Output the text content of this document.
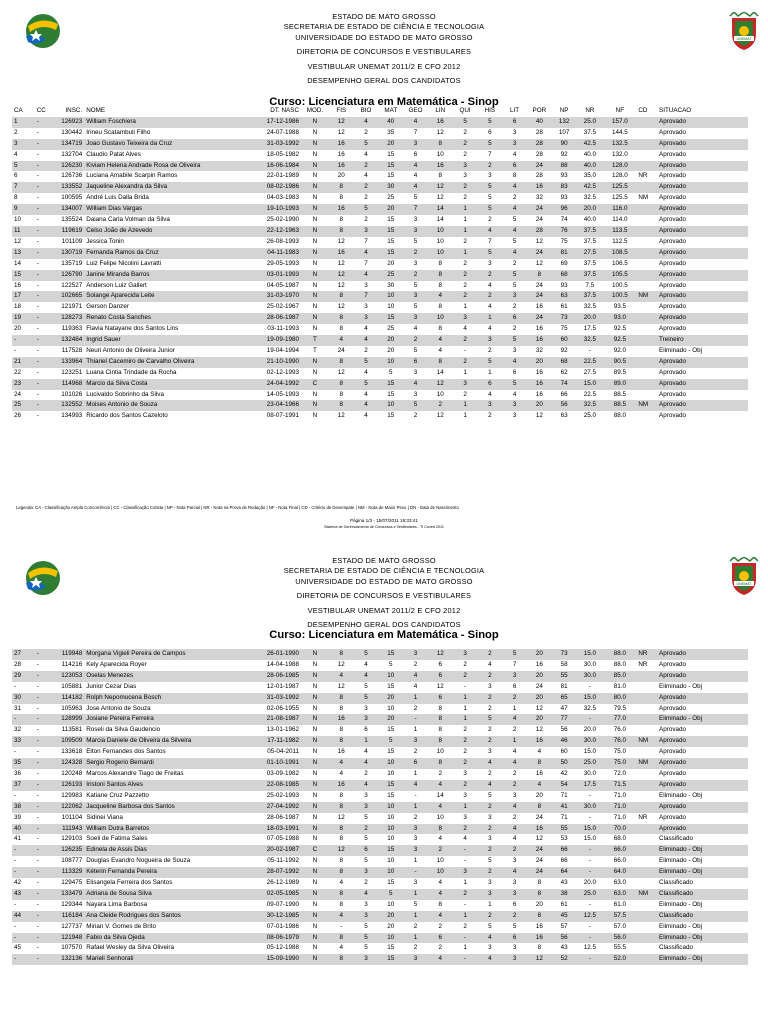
UNEMAT
ESTADO DE MATO GROSSO
SECRETARIA DE ESTADO DE CIÊNCIA E TECNOLOGIA
UNIVERSIDADE DO ESTADO DE MATO GROSSO
DIRETORIA DE CONCURSOS E VESTIBULARES
VESTIBULAR UNEMAT 2011/2 E CFO 2012
DESEMPENHO GERAL DOS CANDIDATOS
Curso: Licenciatura em Matemática - Sinop
CA	CC	INSC.	NOME	DT. NASC	MOD.	FIS	BIO	MAT	GEO	LIN	QUI	HIS	LIT	POR	NP	NR	NF	CD	SITUACAO
1	-	126923	William Foschiera	17-12-1986	N	12	4	40	4	16	5	5	6	40	132	25.0	157.0		Aprovado
2	-	130442	Irineu Scatambuli Filho	24-07-1988	N	12	2	35	7	12	2	6	3	28	107	37.5	144.5		Aprovado
3	-	134719	Joao Gustavo Teixeira da Cruz	31-03-1992	N	16	5	20	3	8	2	5	3	28	90	42.5	132.5		Aprovado
4	-	132704	Claudio Patat Alves	18-05-1982	N	16	4	15	6	10	2	7	4	28	92	40.0	132.0		Aprovado
5	-	126230	Kiviam Helena Andrade Rosa de Oliveira	16-06-1984	N	16	2	15	4	16	3	2	6	24	88	40.0	128.0		Aprovado
6	-	126736	Luciana Amabile Scarpin Ramos	22-01-1989	N	20	4	15	4	8	3	3	8	28	93	35.0	128.0	NR	Aprovado
7	-	133552	Jaqueline Alexandra da Silva	08-02-1986	N	8	2	30	4	12	2	5	4	16	83	42.5	125.5		Aprovado
8	-	100595	André Luis Dalla Brida	04-03-1983	N	8	2	25	5	12	2	5	2	32	93	32.5	125.5	NM	Aprovado
9	-	134007	William Dias Vargas	19-10-1993	N	16	5	20	7	14	1	5	4	24	96	20.0	116.0		Aprovado
10	-	135524	Daiana Carla Volman da Silva	25-02-1990	N	8	2	15	3	14	1	2	5	24	74	40.0	114.0		Aprovado
11	-	119619	Celso João de Azevedo	22-12-1963	N	8	3	15	3	10	1	4	4	28	76	37.5	113.5		Aprovado
12	-	101109	Jessica Tonin	26-08-1993	N	12	7	15	5	10	2	7	5	12	75	37.5	112.5		Aprovado
13	-	130719	Fernanda Ramos da Cruz	04-11-1983	N	16	4	15	2	10	1	5	4	24	81	27.5	108.5		Aprovado
14	-	135719	Luiz Felipe Nicolini Lavratti	29-05-1993	N	12	7	20	3	8	2	3	2	12	69	37.5	106.5		Aprovado
15	-	126790	Janine Miranda Barros	03-01-1993	N	12	4	25	2	8	2	2	5	8	68	37.5	105.5		Aprovado
16	-	122527	Anderson Luiz Gallert	04-05-1987	N	12	3	30	5	8	2	4	5	24	93	7.5	100.5		Aprovado
17	-	102665	Solange Aparecida Leite	31-03-1970	N	8	7	10	3	4	2	2	3	24	63	37.5	100.5	NM	Aprovado
18	-	121971	Gerson Danzer	25-02-1967	N	12	3	10	5	8	1	4	2	16	61	32.5	93.5		Aprovado
19	-	128273	Renato Costa Sanches	28-06-1987	N	8	3	15	3	10	3	1	6	24	73	20.0	93.0		Aprovado
20	-	119363	Flavia Natayane dos Santos Lins	03-11-1993	N	8	4	25	4	8	4	4	2	16	75	17.5	92.5		Aprovado
-	-	132484	Ingrid Sauer	19-09-1980	T	4	4	20	2	4	2	3	5	16	60	32.5	92.5		Treineiro
-	-	117528	Neuri Antonio de Oliveira Junior	19-04-1994	T	24	2	20	5	4	-	2	3	32	92	-	92.0		Eliminado - Obj
21	-	133964	Thiariel Cacemiro de Carvalho Oliveira	21-10-1990	N	8	5	10	6	8	2	5	4	20	68	22.5	90.5		Aprovado
22	-	123251	Luana Cintia Trindade da Rocha	02-12-1993	N	12	4	5	3	14	1	1	6	16	62	27.5	89.5		Aprovado
23	-	114968	Marcio da Silva Costa	24-04-1992	C	8	5	15	4	12	3	6	5	16	74	15.0	89.0		Aprovado
24	-	101026	Lucivaldo Sobrinho da Silva	14-05-1993	N	8	4	15	3	10	2	4	4	16	66	22.5	88.5		Aprovado
25	-	132552	Moises Antonio de Souza	23-04-1966	N	8	4	10	5	2	1	3	3	20	56	32.5	88.5	NM	Aprovado
26	-	134993	Ricardo dos Santos Cazeloto	08-07-1991	N	12	4	15	2	12	1	2	3	12	63	25.0	88.0		Aprovado
Legenda: CA - Classificação Ampla Concorrência | CC - Classificação Cotista | NP - Nota Parcial | NR - Nota na Prova de Redação | NF - Nota Final | CD - Critério de Desempate | NM - Nota de Maior Peso | DN - Data de Nascimento
Página 1/3 - 15/07/2011 19:33:41
Sistema de Gerenciamento de Concursos e Vestibulares - TI Coved 2011
UNEMAT
ESTADO DE MATO GROSSO
SECRETARIA DE ESTADO DE CIÊNCIA E TECNOLOGIA
UNIVERSIDADE DO ESTADO DE MATO GROSSO
DIRETORIA DE CONCURSOS E VESTIBULARES
VESTIBULAR UNEMAT 2011/2 E CFO 2012
DESEMPENHO GERAL DOS CANDIDATOS
Curso: Licenciatura em Matemática - Sinop
27	-	119948	Morgana Vigieli Pereira de Campos	26-01-1990	N	8	5	15	3	12	3	2	5	20	73	15.0	88.0	NR	Aprovado
28	-	114216	Kely Aparecida Royer	14-04-1988	N	12	4	5	2	6	2	4	7	16	58	30.0	88.0	NR	Aprovado
29	-	123053	Oselas Menezes	28-06-1985	N	4	4	10	4	6	2	2	3	20	55	30.0	85.0		Aprovado
-	-	105881	Junior Cezar Dias	12-01-1987	N	12	5	15	4	12	-	3	6	24	81	-	81.0		Eliminado - Obj
30	-	114182	Rolph Nepomucena Bosch	31-03-1992	N	8	5	20	1	6	1	2	2	20	65	15.0	80.0		Aprovado
31	-	105963	Jose Antonio de Souza	02-06-1955	N	8	3	10	2	8	1	2	1	12	47	32.5	79.5		Aprovado
-	-	128999	Josiane Pereira Ferreira	21-08-1987	N	16	3	20	-	8	1	5	4	20	77	-	77.0		Eliminado - Obj
32	-	113581	Roseli da Silva Gaudencio	13-01-1962	N	8	6	15	1	8	2	2	2	12	56	20.0	76.0		Aprovado
33	-	109509	Marcia Daniele de Oliveira da Silveira	17-11-1982	N	8	1	5	3	8	2	2	1	16	46	30.0	76.0	NM	Aprovado
-	-	133618	Elton Fernandes dos Santos	05-04-2011	N	16	4	15	2	10	2	3	4	4	60	15.0	75.0		Aprovado
35	-	124328	Sergio Rogerio Bernardi	01-10-1991	N	4	4	10	6	8	2	4	4	8	50	25.0	75.0	NM	Aprovado
36	-	120248	Marcos Alexandre Tiago de Freitas	03-09-1982	N	4	2	10	1	2	3	2	2	16	42	30.0	72.0		Aprovado
37	-	126193	Iristoni Santos Alves	22-08-1985	N	16	4	15	4	4	2	4	2	4	54	17.5	71.5		Aprovado
-	-	129983	Katiane Cruz Pazzetto	25-02-1993	N	8	3	15	-	14	3	5	3	20	71	-	71.0		Eliminado - Obj
38	-	122062	Jacqueline Barbosa dos Santos	27-04-1992	N	8	3	10	1	4	1	2	4	8	41	30.0	71.0		Aprovado
39	-	101104	Sidinei Viana	28-06-1987	N	12	5	10	2	10	3	3	2	24	71	-	71.0	NR	Aprovado
40	-	111943	William Dutra Barretos	18-03-1991	N	8	2	10	3	8	2	2	4	16	55	15.0	70.0		Aprovado
41	-	129103	Soeli de Fatima Sales	07-05-1988	N	8	5	10	3	4	4	3	4	12	53	15.0	68.0		Classificado
-	-	126235	Edinela de Assis Dias	20-02-1987	C	12	6	15	3	2	-	2	2	24	66	-	66.0		Eliminado - Obj
-	-	108777	Douglas Evandro Nogueira de Souza	05-11-1992	N	8	5	10	1	10	-	5	3	24	66	-	66.0		Eliminado - Obj
-	-	113329	Kéterin Fernanda Pereira	28-07-1992	N	8	3	10	-	10	3	2	4	24	64	-	64.0		Eliminado - Obj
42	-	129475	Elisangela Ferreira dos Santos	26-12-1989	N	4	2	15	3	4	1	3	3	8	43	20.0	63.0		Classificado
43	-	133479	Adriana de Sousa Silva	02-05-1985	N	8	4	5	1	4	2	3	3	8	38	25.0	63.0	NM	Classificado
-	-	129344	Nayara Lima Barbosa	09-07-1990	N	8	3	10	5	8	-	1	6	20	61	-	61.0		Eliminado - Obj
44	-	116184	Ana Cleide Rodrigues dos Santos	30-12-1985	N	4	3	20	1	4	1	2	2	8	45	12.5	57.5		Classificado
-	-	127737	Mirian V. Gomes de Brito	07-01-1986	N	-	5	20	2	2	2	5	5	16	57	-	57.0		Eliminado - Obj
-	-	121948	Fabio da Silva Ojeda	08-06-1979	N	8	5	10	1	6	-	4	6	16	56	-	56.0		Eliminado - Obj
45	-	107570	Rafael Wesley da Silva Oliveira	05-12-1988	N	4	5	15	2	2	1	3	3	8	43	12.5	55.5		Classificado
-	-	132136	Marieli Senhorati	15-09-1990	N	8	3	15	3	4	-	4	3	12	52	-	52.0		Eliminado - Obj
